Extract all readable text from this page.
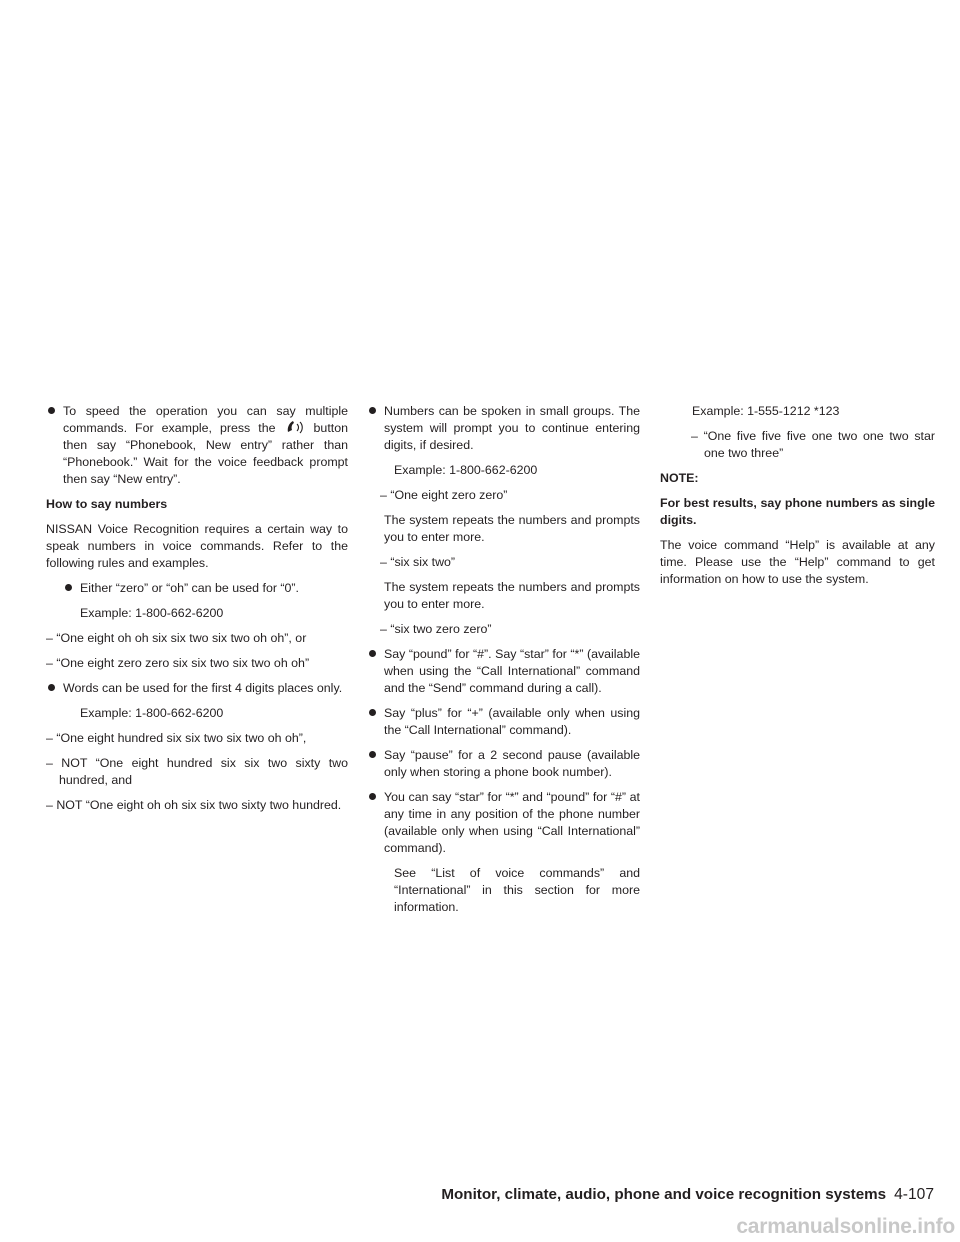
To speed the operation you can say multiple commands. For example, press the	button then say “Phonebook, New entry” rather than “Phonebook.” Wait for the voice feedback prompt then say “New entry”.

How to say numbers

NISSAN Voice Recognition requires a certain way to speak numbers in voice commands. Refer to the following rules and examples.

Either “zero” or “oh” can be used for “0”.

Example: 1-800-662-6200

– “One eight oh oh six six two six two oh oh”, or

– “One eight zero zero six six two six two oh oh”

Words can be used for the first 4 digits places only.

Example: 1-800-662-6200

– “One eight hundred six six two six two oh oh”,

– NOT “One eight hundred six six two sixty two hundred, and

– NOT “One eight oh oh six six two sixty two hundred.

Numbers can be spoken in small groups. The system will prompt you to continue entering digits, if desired.

Example: 1-800-662-6200

– “One eight zero zero”

The system repeats the numbers and prompts you to enter more.

– “six six two”

The system repeats the numbers and prompts you to enter more.

– “six two zero zero”

Say “pound” for “#”. Say “star” for “*” (available when using the “Call International” command and the “Send” command during a call).
Say “plus” for “+” (available only when using the “Call International” command).
Say “pause” for a 2 second pause (available only when storing a phone book number).
You can say “star” for “*” and “pound” for “#” at any time in any position of the phone number (available only when using “Call International” command).

See “List of voice commands” and “International” in this section for more information.

Example: 1-555-1212 *123

– “One five five five one two one two star one two three”

NOTE:

For best results, say phone numbers as single digits.

The voice command “Help” is available at any time. Please use the “Help” command to get information on how to use the system.

Monitor, climate, audio, phone and voice recognition systems 4-107
carmanualsonline.info
